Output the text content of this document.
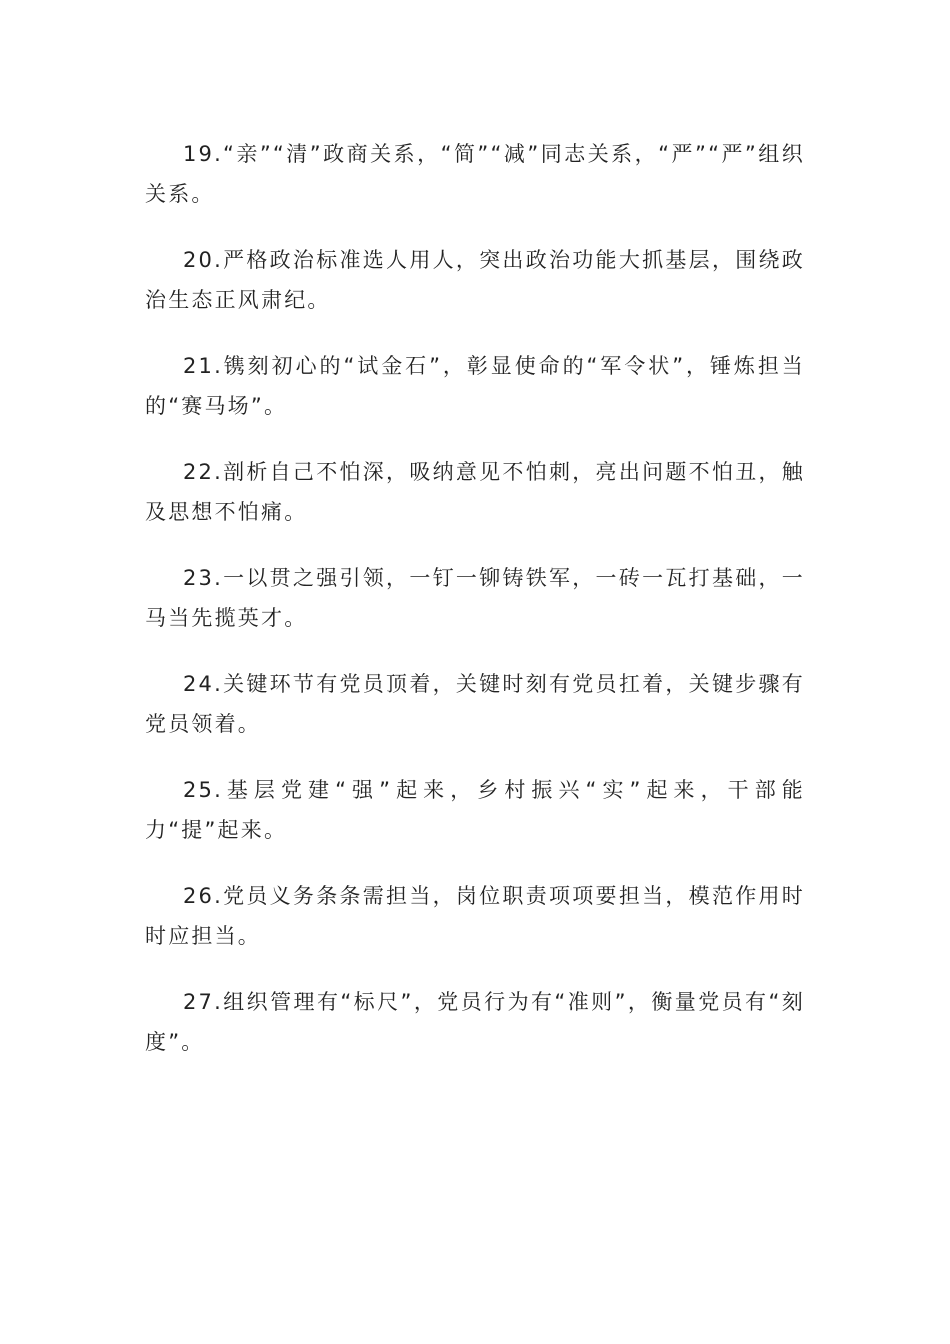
19.“亲”“清”政商关系，“简”“减”同志关系，“严”“严”组织关系。

20.严格政治标准选人用人，突出政治功能大抓基层，围绕政治生态正风肃纪。

21.镌刻初心的“试金石”，彰显使命的“军令状”，锤炼担当的“赛马场”。

22.剖析自己不怕深，吸纳意见不怕刺，亮出问题不怕丑，触及思想不怕痛。

23.一以贯之强引领，一钉一铆铸铁军，一砖一瓦打基础，一马当先揽英才。

24.关键环节有党员顶着，关键时刻有党员扛着，关键步骤有党员领着。

25.基层党建“强”起来，乡村振兴“实”起来，干部能力“提”起来。

26.党员义务条条需担当，岗位职责项项要担当，模范作用时时应担当。

27.组织管理有“标尺”，党员行为有“准则”，衡量党员有“刻度”。
